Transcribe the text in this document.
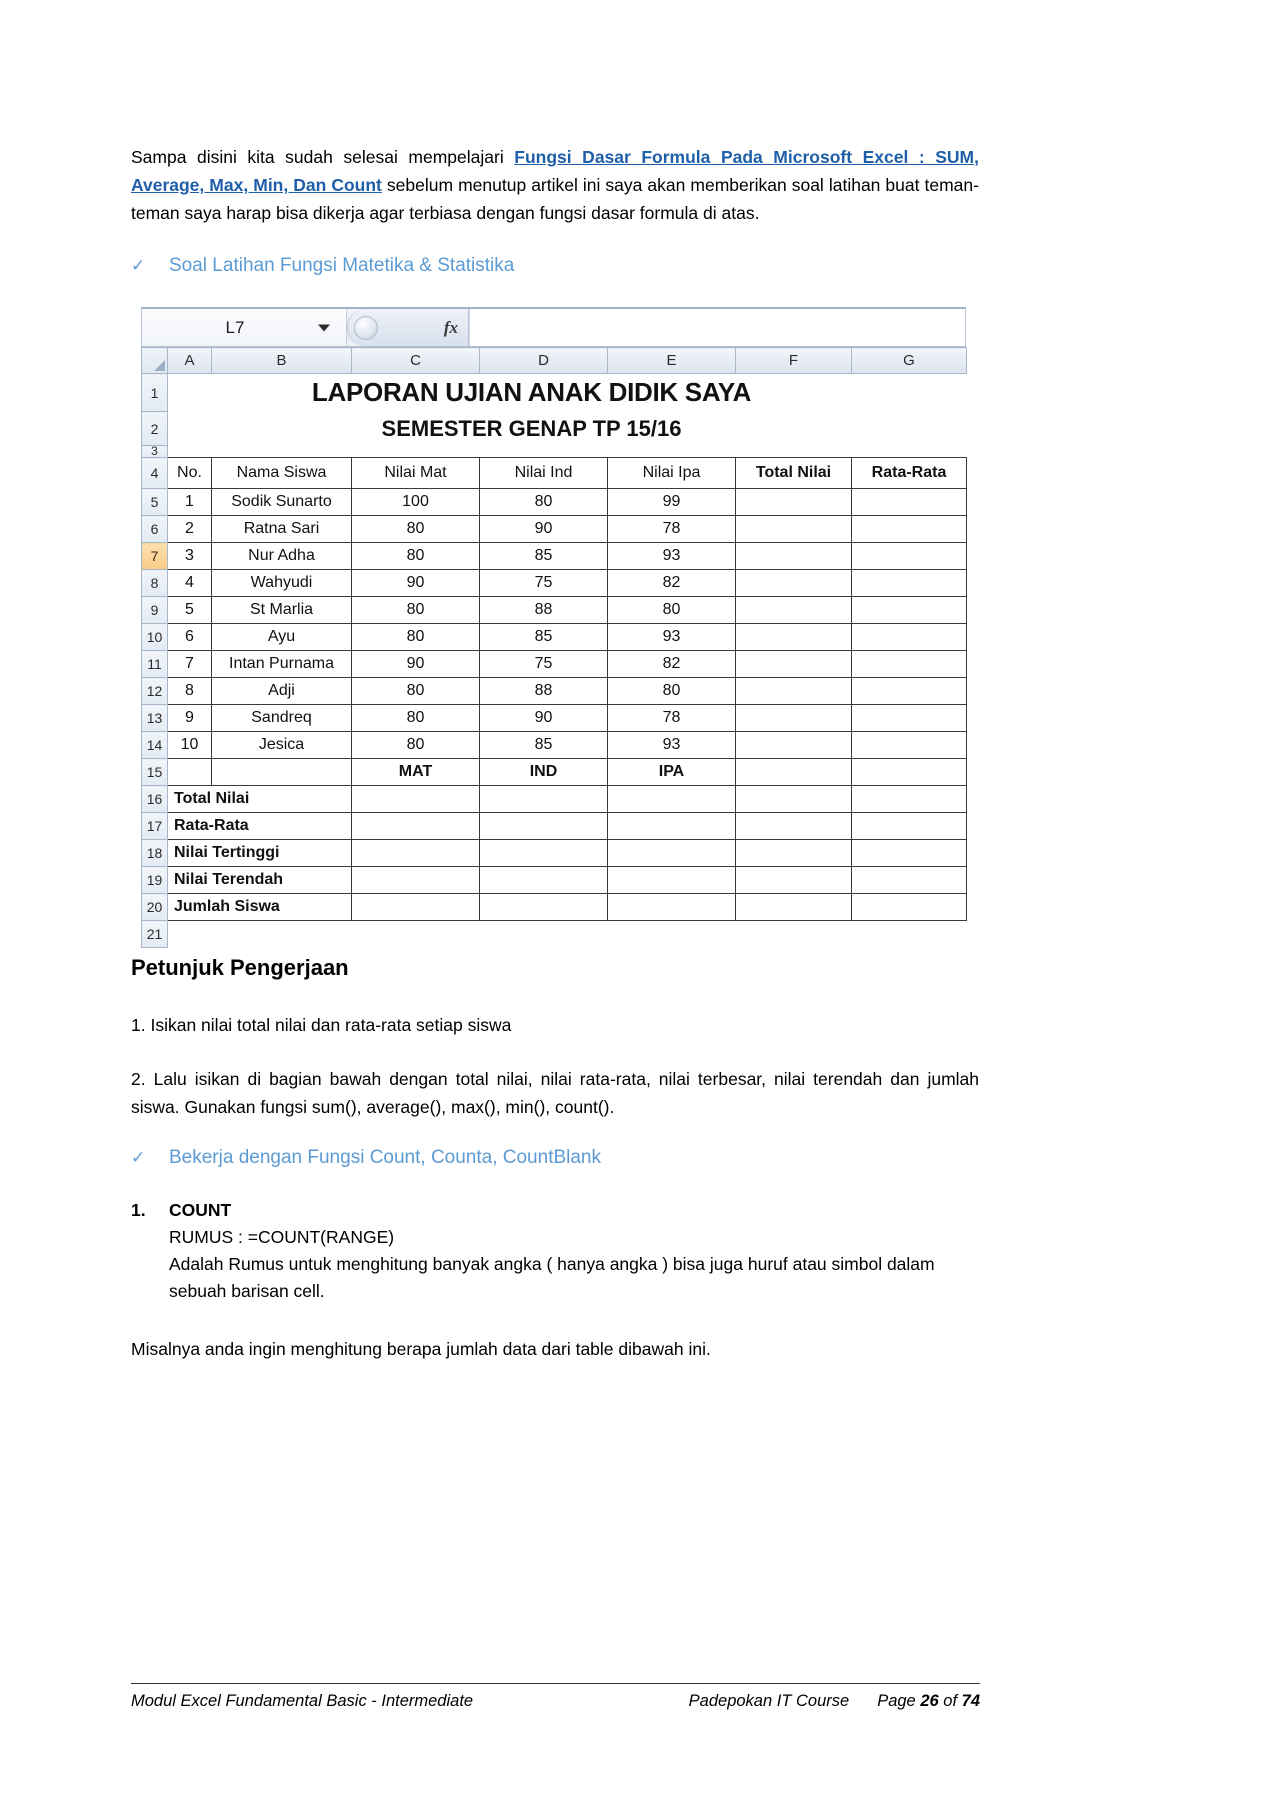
Sampa disini kita sudah selesai mempelajari Fungsi Dasar Formula Pada Microsoft Excel : SUM, Average, Max, Min, Dan Count sebelum menutup artikel ini saya akan memberikan soal latihan buat teman-teman saya harap bisa dikerja agar terbiasa dengan fungsi dasar formula di atas.

✓	Soal Latihan Fungsi Matetika & Statistika
L7	fx
	A	B	C	D	E	F	G
1		LAPORAN UJIAN ANAK DIDIK SAYA					
2		SEMESTER GENAP TP 15/16					
3							
4	No.	Nama Siswa	Nilai Mat	Nilai Ind	Nilai Ipa	Total Nilai	Rata-Rata
5	1	Sodik Sunarto	100	80	99		
6	2	Ratna Sari	80	90	78		
7	3	Nur Adha	80	85	93		
8	4	Wahyudi	90	75	82		
9	5	St Marlia	80	88	80		
10	6	Ayu	80	85	93		
11	7	Intan Purnama	90	75	82		
12	8	Adji	80	88	80		
13	9	Sandreq	80	90	78		
14	10	Jesica	80	85	93		
15			MAT	IND	IPA		
16	Total Nilai						
17	Rata-Rata						
18	Nilai Tertinggi						
19	Nilai Terendah						
20	Jumlah Siswa						
21							
Petunjuk Pengerjaan

1. Isikan nilai total nilai dan rata-rata setiap siswa

2. Lalu isikan di bagian bawah dengan total nilai, nilai rata-rata, nilai terbesar, nilai terendah dan jumlah siswa. Gunakan fungsi sum(), average(), max(), min(), count().

✓	Bekerja dengan Fungsi Count, Counta, CountBlank
1.	COUNT
RUMUS : =COUNT(RANGE)
Adalah Rumus untuk menghitung banyak angka ( hanya angka ) bisa juga huruf atau simbol dalam sebuah barisan cell.

Misalnya anda ingin menghitung berapa jumlah data dari table dibawah ini.

Modul Excel Fundamental Basic - Intermediate	Padepokan IT Course Page 26 of 74
